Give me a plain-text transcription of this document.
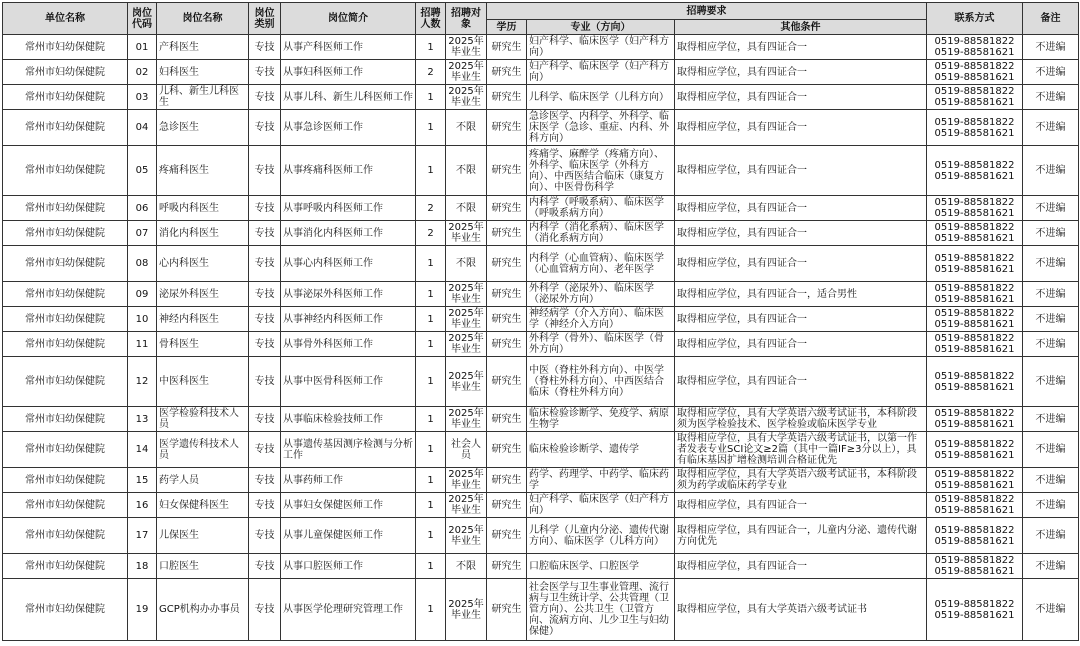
单位名称	岗位代码	岗位名称	岗位类别	岗位简介	招聘人数	招聘对象	招聘要求			联系方式	备注
							学历	专业（方向）	其他条件		
常州市妇幼保健院	01	产科医生	专技	从事产科医师工作	1	2025年毕业生	研究生	妇产科学、临床医学（妇产科方向）	取得相应学位，具有四证合一	0519-88581822
0519-88581621	不进编
常州市妇幼保健院	02	妇科医生	专技	从事妇科医师工作	2	2025年毕业生	研究生	妇产科学、临床医学（妇产科方向）	取得相应学位，具有四证合一	0519-88581822
0519-88581621	不进编
常州市妇幼保健院	03	儿科、新生儿科医生	专技	从事儿科、新生儿科医师工作	1	2025年毕业生	研究生	儿科学、临床医学（儿科方向）	取得相应学位，具有四证合一	0519-88581822
0519-88581621	不进编
常州市妇幼保健院	04	急诊医生	专技	从事急诊医师工作	1	不限	研究生	急诊医学、内科学、外科学、临床医学（急诊、重症、内科、外科方向）	取得相应学位，具有四证合一	0519-88581822
0519-88581621	不进编
常州市妇幼保健院	05	疼痛科医生	专技	从事疼痛科医师工作	1	不限	研究生	疼痛学、麻醉学（疼痛方向）、外科学、临床医学（外科方向）、中西医结合临床（康复方向）、中医骨伤科学	取得相应学位，具有四证合一	0519-88581822
0519-88581621	不进编
常州市妇幼保健院	06	呼吸内科医生	专技	从事呼吸内科医师工作	2	不限	研究生	内科学（呼吸系病）、临床医学（呼吸系病方向）	取得相应学位，具有四证合一	0519-88581822
0519-88581621	不进编
常州市妇幼保健院	07	消化内科医生	专技	从事消化内科医师工作	2	2025年毕业生	研究生	内科学（消化系病）、临床医学（消化系病方向）	取得相应学位，具有四证合一	0519-88581822
0519-88581621	不进编
常州市妇幼保健院	08	心内科医生	专技	从事心内科医师工作	1	不限	研究生	内科学（心血管病）、临床医学（心血管病方向）、老年医学	取得相应学位，具有四证合一	0519-88581822
0519-88581621	不进编
常州市妇幼保健院	09	泌尿外科医生	专技	从事泌尿外科医师工作	1	2025年毕业生	研究生	外科学（泌尿外）、临床医学（泌尿外方向）	取得相应学位，具有四证合一，适合男性	0519-88581822
0519-88581621	不进编
常州市妇幼保健院	10	神经内科医生	专技	从事神经内科医师工作	1	2025年毕业生	研究生	神经病学（介入方向）、临床医学（神经介入方向）	取得相应学位，具有四证合一	0519-88581822
0519-88581621	不进编
常州市妇幼保健院	11	骨科医生	专技	从事骨外科医师工作	1	2025年毕业生	研究生	外科学（骨外）、临床医学（骨外方向）	取得相应学位，具有四证合一	0519-88581822
0519-88581621	不进编
常州市妇幼保健院	12	中医科医生	专技	从事中医骨科医师工作	1	2025年毕业生	研究生	中医（脊柱外科方向）、中医学（脊柱外科方向）、中西医结合临床（脊柱外科方向）	取得相应学位，具有四证合一	0519-88581822
0519-88581621	不进编
常州市妇幼保健院	13	医学检验科技术人员	专技	从事临床检验技师工作	1	2025年毕业生	研究生	临床检验诊断学、免疫学、病原生物学	取得相应学位，具有大学英语六级考试证书，本科阶段须为医学检验技术、医学检验或临床医学专业	0519-88581822
0519-88581621	不进编
常州市妇幼保健院	14	医学遗传科技术人员	专技	从事遗传基因测序检测与分析工作	1	社会人员	研究生	临床检验诊断学、遗传学	取得相应学位，具有大学英语六级考试证书，以第一作者发表专业SCI论文≥2篇（其中一篇IF≥3分以上），具有临床基因扩增检测培训合格证优先	0519-88581822
0519-88581621	不进编
常州市妇幼保健院	15	药学人员	专技	从事药师工作	1	2025年毕业生	研究生	药学、药理学、中药学、临床药学	取得相应学位，具有大学英语六级考试证书，本科阶段须为药学或临床药学专业	0519-88581822
0519-88581621	不进编
常州市妇幼保健院	16	妇女保健科医生	专技	从事妇女保健医师工作	1	2025年毕业生	研究生	妇产科学、临床医学（妇产科方向）	取得相应学位，具有四证合一	0519-88581822
0519-88581621	不进编
常州市妇幼保健院	17	儿保医生	专技	从事儿童保健医师工作	1	2025年毕业生	研究生	儿科学（儿童内分泌、遗传代谢方向）、临床医学（儿科方向）	取得相应学位，具有四证合一，儿童内分泌、遗传代谢方向优先	0519-88581822
0519-88581621	不进编
常州市妇幼保健院	18	口腔医生	专技	从事口腔医师工作	1	不限	研究生	口腔临床医学、口腔医学	取得相应学位，具有四证合一	0519-88581822
0519-88581621	不进编
常州市妇幼保健院	19	GCP机构办办事员	专技	从事医学伦理研究管理工作	1	2025年毕业生	研究生	社会医学与卫生事业管理、流行病与卫生统计学、公共管理（卫管方向）、公共卫生（卫管方向、流病方向、儿少卫生与妇幼保健）	取得相应学位，具有大学英语六级考试证书	0519-88581822
0519-88581621	不进编
